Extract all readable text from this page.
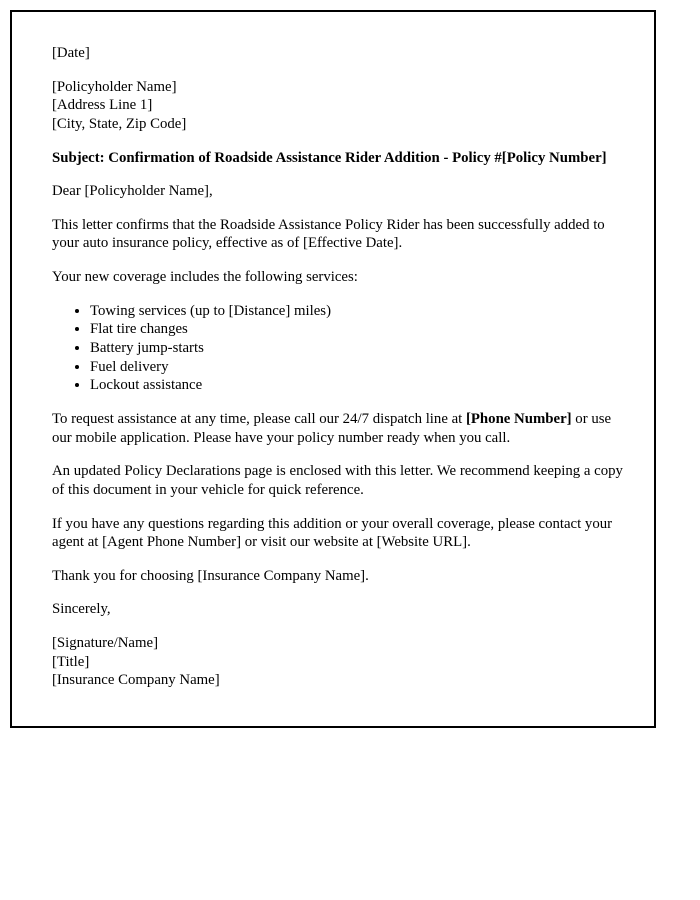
[Date]

[Policyholder Name]

[Address Line 1]

[City, State, Zip Code]

Subject: Confirmation of Roadside Assistance Rider Addition - Policy #[Policy Number]

Dear [Policyholder Name],

This letter confirms that the Roadside Assistance Policy Rider has been successfully added to your auto insurance policy, effective as of [Effective Date].

Your new coverage includes the following services:

• Towing services (up to [Distance] miles)
• Flat tire changes
• Battery jump-starts
• Fuel delivery
• Lockout assistance

To request assistance at any time, please call our 24/7 dispatch line at [Phone Number] or use our mobile application. Please have your policy number ready when you call.

An updated Policy Declarations page is enclosed with this letter. We recommend keeping a copy of this document in your vehicle for quick reference.

If you have any questions regarding this addition or your overall coverage, please contact your agent at [Agent Phone Number] or visit our website at [Website URL].

Thank you for choosing [Insurance Company Name].

Sincerely,

[Signature/Name]

[Title]

[Insurance Company Name]
